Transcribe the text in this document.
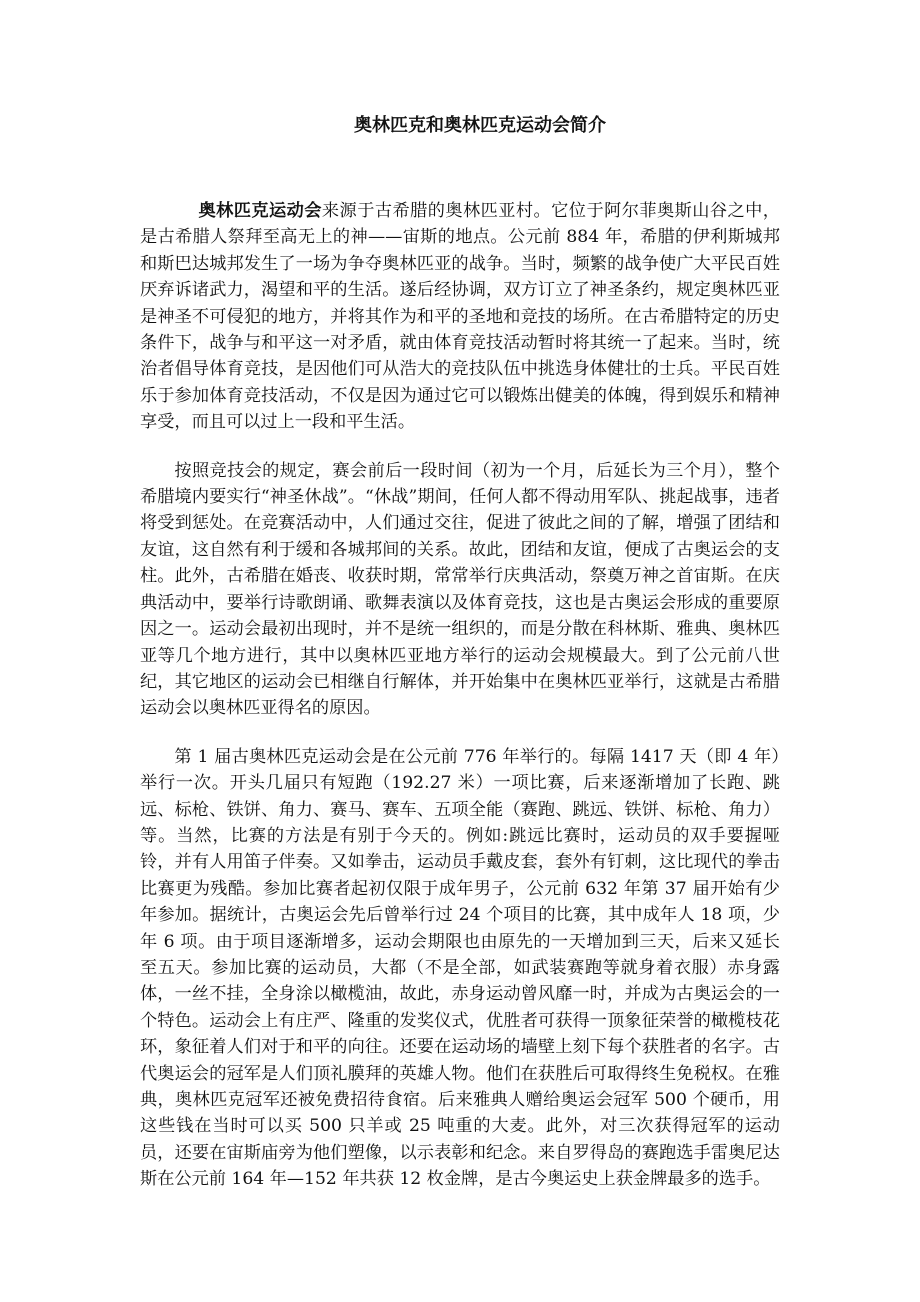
奥林匹克和奥林匹克运动会简介

奥林匹克运动会来源于古希腊的奥林匹亚村。它位于阿尔菲奥斯山谷之中，是古希腊人祭拜至高无上的神——宙斯的地点。公元前 884 年，希腊的伊利斯城邦和斯巴达城邦发生了一场为争夺奥林匹亚的战争。当时，频繁的战争使广大平民百姓厌弃诉诸武力，渴望和平的生活。遂后经协调，双方订立了神圣条约，规定奥林匹亚是神圣不可侵犯的地方，并将其作为和平的圣地和竞技的场所。在古希腊特定的历史条件下，战争与和平这一对矛盾，就由体育竞技活动暂时将其统一了起来。当时，统治者倡导体育竞技，是因他们可从浩大的竞技队伍中挑选身体健壮的士兵。平民百姓乐于参加体育竞技活动，不仅是因为通过它可以锻炼出健美的体魄，得到娱乐和精神享受，而且可以过上一段和平生活。

按照竞技会的规定，赛会前后一段时间（初为一个月，后延长为三个月），整个希腊境内要实行“神圣休战”。“休战”期间，任何人都不得动用军队、挑起战事，违者将受到惩处。在竞赛活动中，人们通过交往，促进了彼此之间的了解，增强了团结和友谊，这自然有利于缓和各城邦间的关系。故此，团结和友谊，便成了古奥运会的支柱。此外，古希腊在婚丧、收获时期，常常举行庆典活动，祭奠万神之首宙斯。在庆典活动中，要举行诗歌朗诵、歌舞表演以及体育竞技，这也是古奥运会形成的重要原因之一。运动会最初出现时，并不是统一组织的，而是分散在科林斯、雅典、奥林匹亚等几个地方进行，其中以奥林匹亚地方举行的运动会规模最大。到了公元前八世纪，其它地区的运动会已相继自行解体，并开始集中在奥林匹亚举行，这就是古希腊运动会以奥林匹亚得名的原因。

第 1 届古奥林匹克运动会是在公元前 776 年举行的。每隔 1417 天（即 4 年）举行一次。开头几届只有短跑（192.27 米）一项比赛，后来逐渐增加了长跑、跳远、标枪、铁饼、角力、赛马、赛车、五项全能（赛跑、跳远、铁饼、标枪、角力）等。当然，比赛的方法是有别于今天的。例如:跳远比赛时，运动员的双手要握哑铃，并有人用笛子伴奏。又如拳击，运动员手戴皮套，套外有钉刺，这比现代的拳击比赛更为残酷。参加比赛者起初仅限于成年男子，公元前 632 年第 37 届开始有少年参加。据统计，古奥运会先后曾举行过 24 个项目的比赛，其中成年人 18 项，少年 6 项。由于项目逐渐增多，运动会期限也由原先的一天增加到三天，后来又延长至五天。参加比赛的运动员，大都（不是全部，如武装赛跑等就身着衣服）赤身露体，一丝不挂，全身涂以橄榄油，故此，赤身运动曾风靡一时，并成为古奥运会的一个特色。运动会上有庄严、隆重的发奖仪式，优胜者可获得一顶象征荣誉的橄榄枝花环，象征着人们对于和平的向往。还要在运动场的墙壁上刻下每个获胜者的名字。古代奥运会的冠军是人们顶礼膜拜的英雄人物。他们在获胜后可取得终生免税权。在雅典，奥林匹克冠军还被免费招待食宿。后来雅典人赠给奥运会冠军 500 个硬币，用这些钱在当时可以买 500 只羊或 25 吨重的大麦。此外，对三次获得冠军的运动员，还要在宙斯庙旁为他们塑像，以示表彰和纪念。来自罗得岛的赛跑选手雷奥尼达斯在公元前 164 年—152 年共获 12 枚金牌，是古今奥运史上获金牌最多的选手。
